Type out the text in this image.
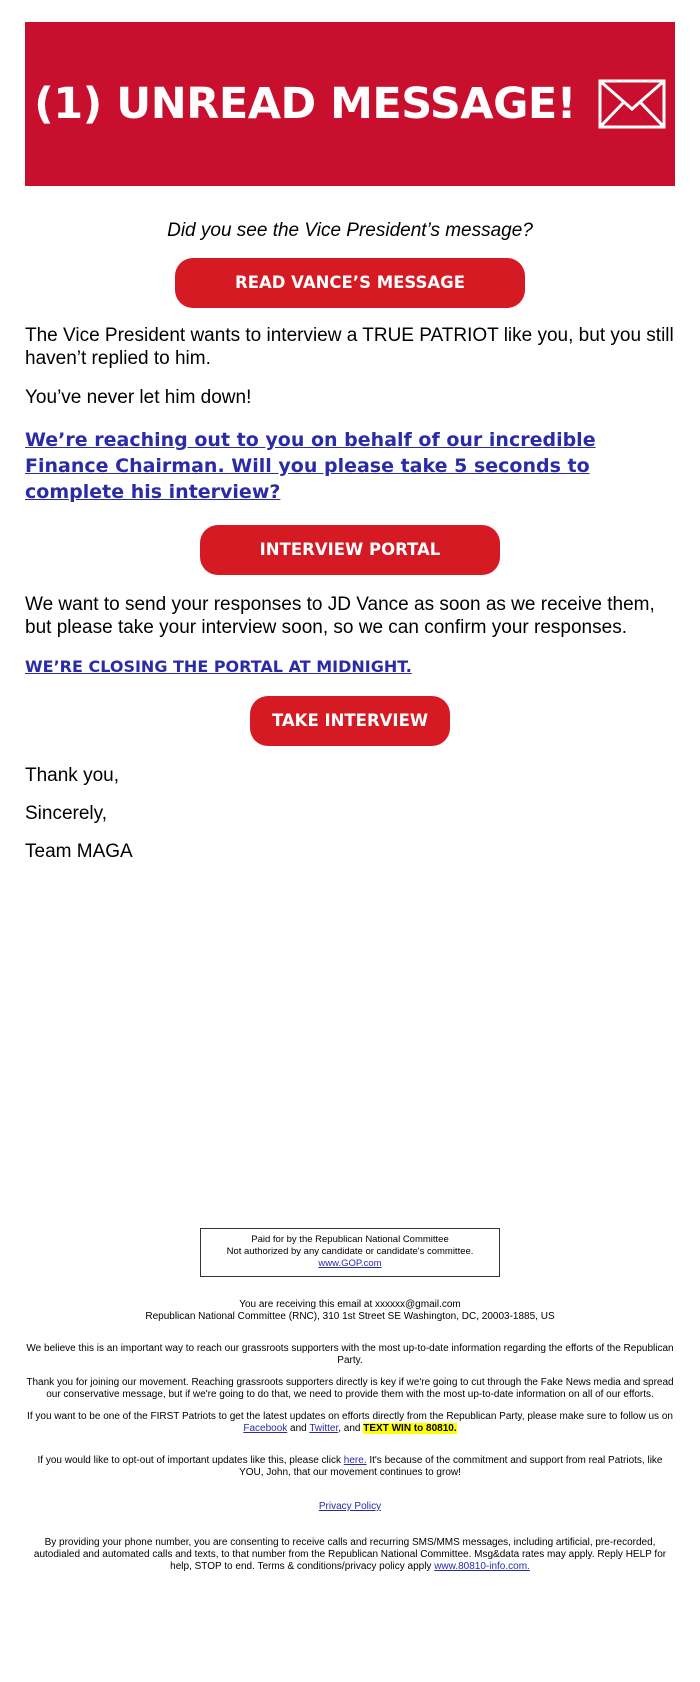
(1) UNREAD MESSAGE!
Did you see the Vice President’s message?
READ VANCE’S MESSAGE

The Vice President wants to interview a TRUE PATRIOT like you, but you still haven’t replied to him.

You’ve never let him down!

We’re reaching out to you on behalf of our incredible Finance Chairman. Will you please take 5 seconds to complete his interview?
INTERVIEW PORTAL

We want to send your responses to JD Vance as soon as we receive them, but please take your interview soon, so we can confirm your responses.

WE’RE CLOSING THE PORTAL AT MIDNIGHT.
TAKE INTERVIEW

Thank you,

Sincerely,

Team MAGA

Paid for by the Republican National Committee
Not authorized by any candidate or candidate's committee.
www.GOP.com
You are receiving this email at xxxxxx@gmail.com
Republican National Committee (RNC), 310 1st Street SE Washington, DC, 20003-1885, US
We believe this is an important way to reach our grassroots supporters with the most up-to-date information regarding the efforts of the Republican Party.
Thank you for joining our movement. Reaching grassroots supporters directly is key if we're going to cut through the Fake News media and spread our conservative message, but if we're going to do that, we need to provide them with the most up-to-date information on all of our efforts.
If you want to be one of the FIRST Patriots to get the latest updates on efforts directly from the Republican Party, please make sure to follow us on Facebook and Twitter, and TEXT WIN to 80810.
If you would like to opt-out of important updates like this, please click here. It's because of the commitment and support from real Patriots, like YOU, John, that our movement continues to grow!
Privacy Policy
By providing your phone number, you are consenting to receive calls and recurring SMS/MMS messages, including artificial, pre-recorded, autodialed and automated calls and texts, to that number from the Republican National Committee. Msg&data rates may apply. Reply HELP for help, STOP to end. Terms & conditions/privacy policy apply www.80810-info.com.
